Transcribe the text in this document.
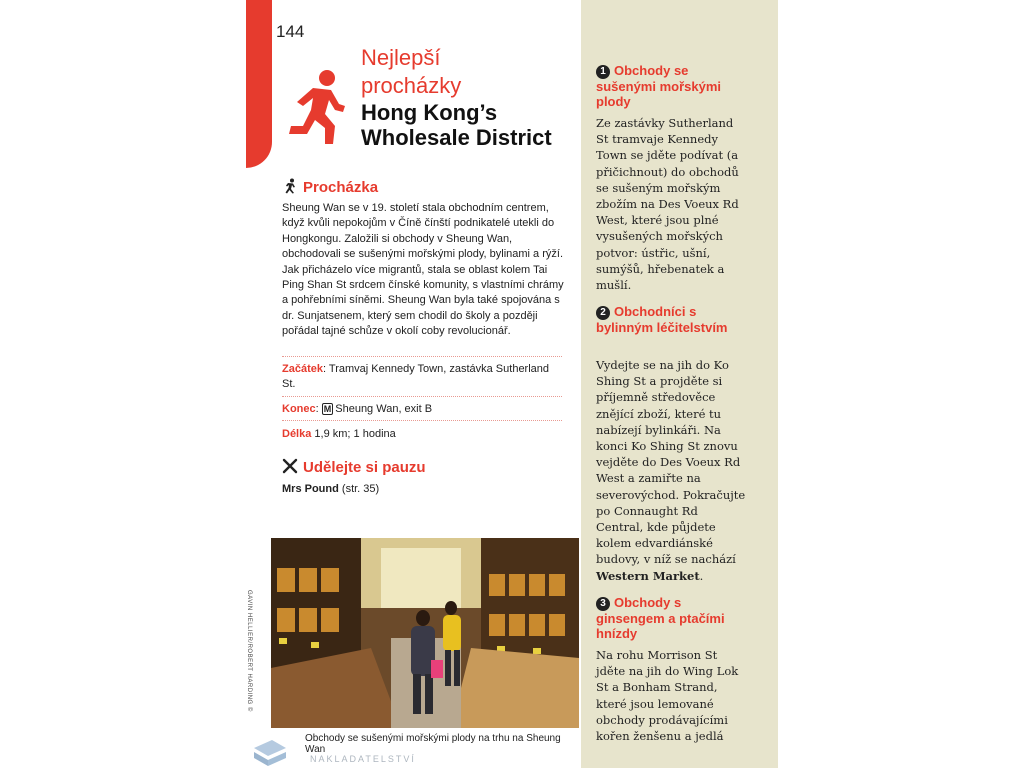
144
Nejlepší
procházky
Hong Kong’s Wholesale District
Procházka
Sheung Wan se v 19. století stala obchodním centrem, když kvůli nepokojům v Číně čínští podnikatelé utekli do Hongkongu. Založili si obchody v Sheung Wan, obchodovali se sušenými mořskými plody, bylinami a rýží. Jak přicházelo více migrantů, stala se oblast kolem Tai Ping Shan St srdcem čínské komunity, s vlastními chrámy a pohřebními síněmi. Sheung Wan byla také spojována s dr. Sunjatsenem, který sem chodil do školy a později pořádal tajné schůze v okolí coby revolucionář.
Začátek: Tramvaj Kennedy Town, zastávka Sutherland St.
Konec: M Sheung Wan, exit B
Délka 1,9 km; 1 hodina
Udělejte si pauzu
Mrs Pound (str. 35)
GAVIN HELLIER/ROBERT HARDING ©
Obchody se sušenými mořskými plody na trhu na Sheung Wan
NAKLADATELSTVÍ
1 Obchody se sušenými mořskými plody
Ze zastávky Sutherland St tramvaje Kennedy Town se jděte podívat (a přičichnout) do obchodů se sušeným mořským zbožím na Des Voeux Rd West, které jsou plné vysušených mořských potvor: ústřic, ušní, sumýšů, hřebenatek a mušlí.
2 Obchodníci s bylinným léčitelstvím
Vydejte se na jih do Ko Shing St a projděte si příjemně středověce znějící zboží, které tu nabízejí bylinkáři. Na konci Ko Shing St znovu vejděte do Des Voeux Rd West a zamiřte na severovýchod. Pokračujte po Connaught Rd Central, kde půjdete kolem edvardiánské budovy, v níž se nachází Western Market.
3 Obchody s ginsengem a ptačími hnízdy
Na rohu Morrison St jděte na jih do Wing Lok St a Bonham Strand, které jsou lemované obchody prodávajícími kořen ženšenu a jedlá
